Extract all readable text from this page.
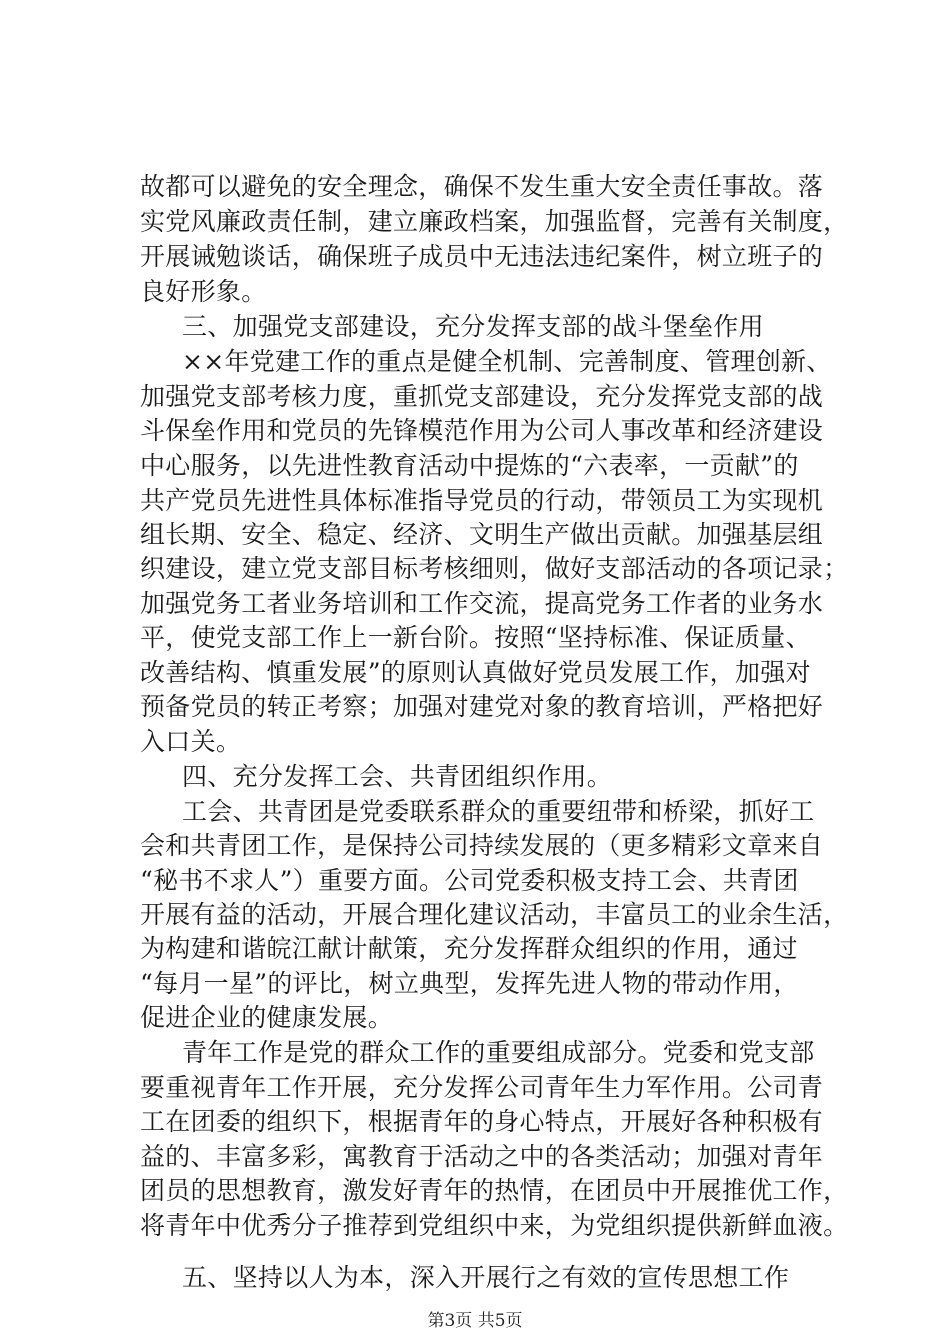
故都可以避免的安全理念，确保不发生重大安全责任事故。落
实党风廉政责任制，建立廉政档案，加强监督，完善有关制度，
开展诫勉谈话，确保班子成员中无违法违纪案件，树立班子的
良好形象。
三、加强党支部建设，充分发挥支部的战斗堡垒作用
××年党建工作的重点是健全机制、完善制度、管理创新、
加强党支部考核力度，重抓党支部建设，充分发挥党支部的战
斗保垒作用和党员的先锋模范作用为公司人事改革和经济建设
中心服务，以先进性教育活动中提炼的“六表率，一贡献”的
共产党员先进性具体标准指导党员的行动，带领员工为实现机
组长期、安全、稳定、经济、文明生产做出贡献。加强基层组
织建设，建立党支部目标考核细则，做好支部活动的各项记录；
加强党务工者业务培训和工作交流，提高党务工作者的业务水
平，使党支部工作上一新台阶。按照“坚持标准、保证质量、
改善结构、慎重发展”的原则认真做好党员发展工作，加强对
预备党员的转正考察；加强对建党对象的教育培训，严格把好
入口关。
四、充分发挥工会、共青团组织作用。
工会、共青团是党委联系群众的重要纽带和桥梁，抓好工
会和共青团工作，是保持公司持续发展的（更多精彩文章来自
“秘书不求人”）重要方面。公司党委积极支持工会、共青团
开展有益的活动，开展合理化建议活动，丰富员工的业余生活，
为构建和谐皖江献计献策，充分发挥群众组织的作用，通过
“每月一星”的评比，树立典型，发挥先进人物的带动作用，
促进企业的健康发展。
青年工作是党的群众工作的重要组成部分。党委和党支部
要重视青年工作开展，充分发挥公司青年生力军作用。公司青
工在团委的组织下，根据青年的身心特点，开展好各种积极有
益的、丰富多彩，寓教育于活动之中的各类活动；加强对青年
团员的思想教育，激发好青年的热情，在团员中开展推优工作，
将青年中优秀分子推荐到党组织中来，为党组织提供新鲜血液。
五、坚持以人为本，深入开展行之有效的宣传思想工作
第3页 共5页
